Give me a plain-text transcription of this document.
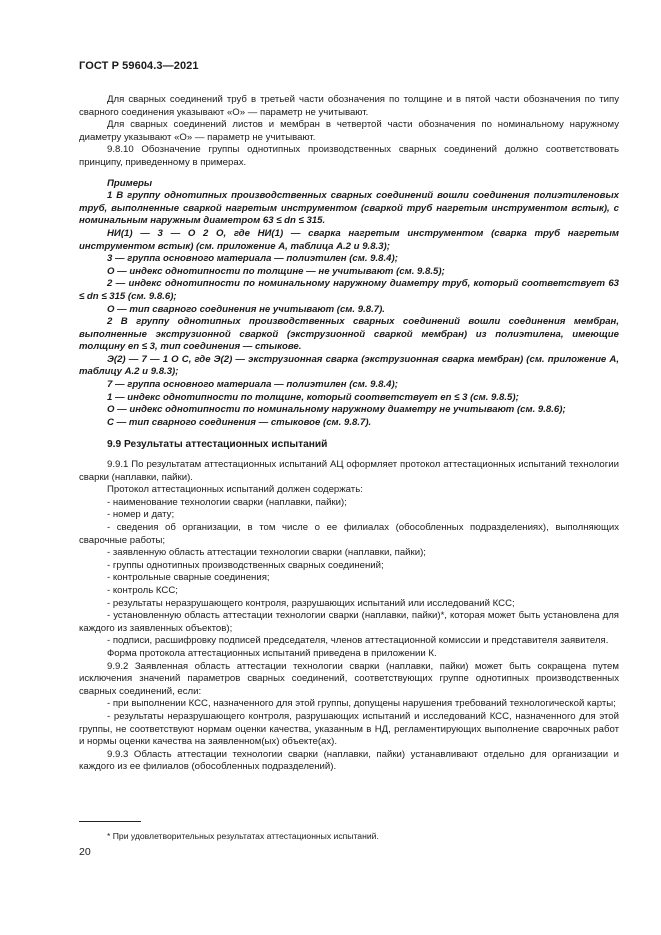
ГОСТ Р 59604.3—2021

Для сварных соединений труб в третьей части обозначения по толщине и в пятой части обозначения по типу сварного соединения указывают «О» — параметр не учитывают.

Для сварных соединений листов и мембран в четвертой части обозначения по номинальному наружному диаметру указывают «О» — параметр не учитывают.

9.8.10 Обозначение группы однотипных производственных сварных соединений должно соответствовать принципу, приведенному в примерах.

Примеры

1 В группу однотипных производственных сварных соединений вошли соединения полиэтиленовых труб, выполненные сваркой нагретым инструментом (сваркой труб нагретым инструментом встык), с номинальным наружным диаметром 63 ≤ dn ≤ 315.

НИ(1) — 3 — О 2 О, где НИ(1) — сварка нагретым инструментом (сварка труб нагретым инструментом встык) (см. приложение А, таблица А.2 и 9.8.3);

3 — группа основного материала — полиэтилен (см. 9.8.4);

О — индекс однотипности по толщине — не учитывают (см. 9.8.5);

2 — индекс однотипности по номинальному наружному диаметру труб, который соответствует 63 ≤ dn ≤ 315 (см. 9.8.6);

О — тип сварного соединения не учитывают (см. 9.8.7).

2 В группу однотипных производственных сварных соединений вошли соединения мембран, выполненные экструзионной сваркой (экструзионной сваркой мембран) из полиэтилена, имеющие толщину en ≤ 3, тип соединения — стыкове.

Э(2) — 7 — 1 О С, где Э(2) — экструзионная сварка (экструзионная сварка мембран) (см. приложение А, таблицу А.2 и 9.8.3);

7 — группа основного материала — полиэтилен (см. 9.8.4);

1 — индекс однотипности по толщине, который соответствует en ≤ 3 (см. 9.8.5);

О — индекс однотипности по номинальному наружному диаметру не учитывают (см. 9.8.6);

С — тип сварного соединения — стыковое (см. 9.8.7).

9.9 Результаты аттестационных испытаний

9.9.1 По результатам аттестационных испытаний АЦ оформляет протокол аттестационных испытаний технологии сварки (наплавки, пайки).

Протокол аттестационных испытаний должен содержать:

- наименование технологии сварки (наплавки, пайки);

- номер и дату;

- сведения об организации, в том числе о ее филиалах (обособленных подразделениях), выполняющих сварочные работы;

- заявленную область аттестации технологии сварки (наплавки, пайки);

- группы однотипных производственных сварных соединений;

- контрольные сварные соединения;

- контроль КСС;

- результаты неразрушающего контроля, разрушающих испытаний или исследований КСС;

- установленную область аттестации технологии сварки (наплавки, пайки)*, которая может быть установлена для каждого из заявленных объектов);

- подписи, расшифровку подписей председателя, членов аттестационной комиссии и представителя заявителя.

Форма протокола аттестационных испытаний приведена в приложении К.

9.9.2 Заявленная область аттестации технологии сварки (наплавки, пайки) может быть сокращена путем исключения значений параметров сварных соединений, соответствующих группе однотипных производственных сварных соединений, если:

- при выполнении КСС, назначенного для этой группы, допущены нарушения требований технологической карты;

- результаты неразрушающего контроля, разрушающих испытаний и исследований КСС, назначенного для этой группы, не соответствуют нормам оценки качества, указанным в НД, регламентирующих выполнение сварочных работ и нормы оценки качества на заявленном(ых) объекте(ах).

9.9.3 Область аттестации технологии сварки (наплавки, пайки) устанавливают отдельно для организации и каждого из ее филиалов (обособленных подразделений).

* При удовлетворительных результатах аттестационных испытаний.
20
